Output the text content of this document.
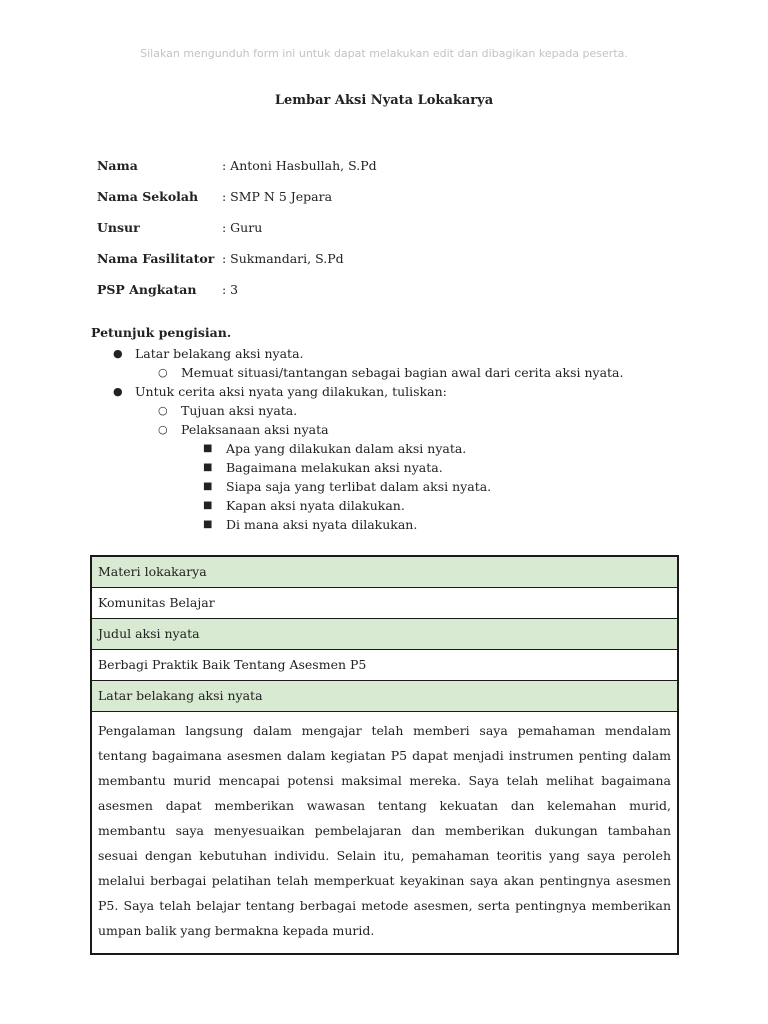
Silakan mengunduh form ini untuk dapat melakukan edit dan dibagikan kepada peserta.
Lembar Aksi Nyata Lokakarya
Nama	: Antoni Hasbullah, S.Pd
Nama Sekolah	: SMP N 5 Jepara
Unsur	: Guru
Nama Fasilitator : Sukmandari, S.Pd
PSP Angkatan	: 3
Petunjuk pengisian.
● Latar belakang aksi nyata.
○ Memuat situasi/tantangan sebagai bagian awal dari cerita aksi nyata.
● Untuk cerita aksi nyata yang dilakukan, tuliskan:
○ Tujuan aksi nyata.
○ Pelaksanaan aksi nyata
■ Apa yang dilakukan dalam aksi nyata.
■ Bagaimana melakukan aksi nyata.
■ Siapa saja yang terlibat dalam aksi nyata.
■ Kapan aksi nyata dilakukan.
■ Di mana aksi nyata dilakukan.
Materi lokakarya
Komunitas Belajar
Judul aksi nyata
Berbagi Praktik Baik Tentang Asesmen P5
Latar belakang aksi nyata
Pengalaman langsung dalam mengajar telah memberi saya pemahaman mendalam tentang bagaimana asesmen dalam kegiatan P5 dapat menjadi instrumen penting dalam membantu murid mencapai potensi maksimal mereka. Saya telah melihat bagaimana asesmen dapat memberikan wawasan tentang kekuatan dan kelemahan murid, membantu saya menyesuaikan pembelajaran dan memberikan dukungan tambahan sesuai dengan kebutuhan individu. Selain itu, pemahaman teoritis yang saya peroleh melalui berbagai pelatihan telah memperkuat keyakinan saya akan pentingnya asesmen P5. Saya telah belajar tentang berbagai metode asesmen, serta pentingnya memberikan umpan balik yang bermakna kepada murid.
